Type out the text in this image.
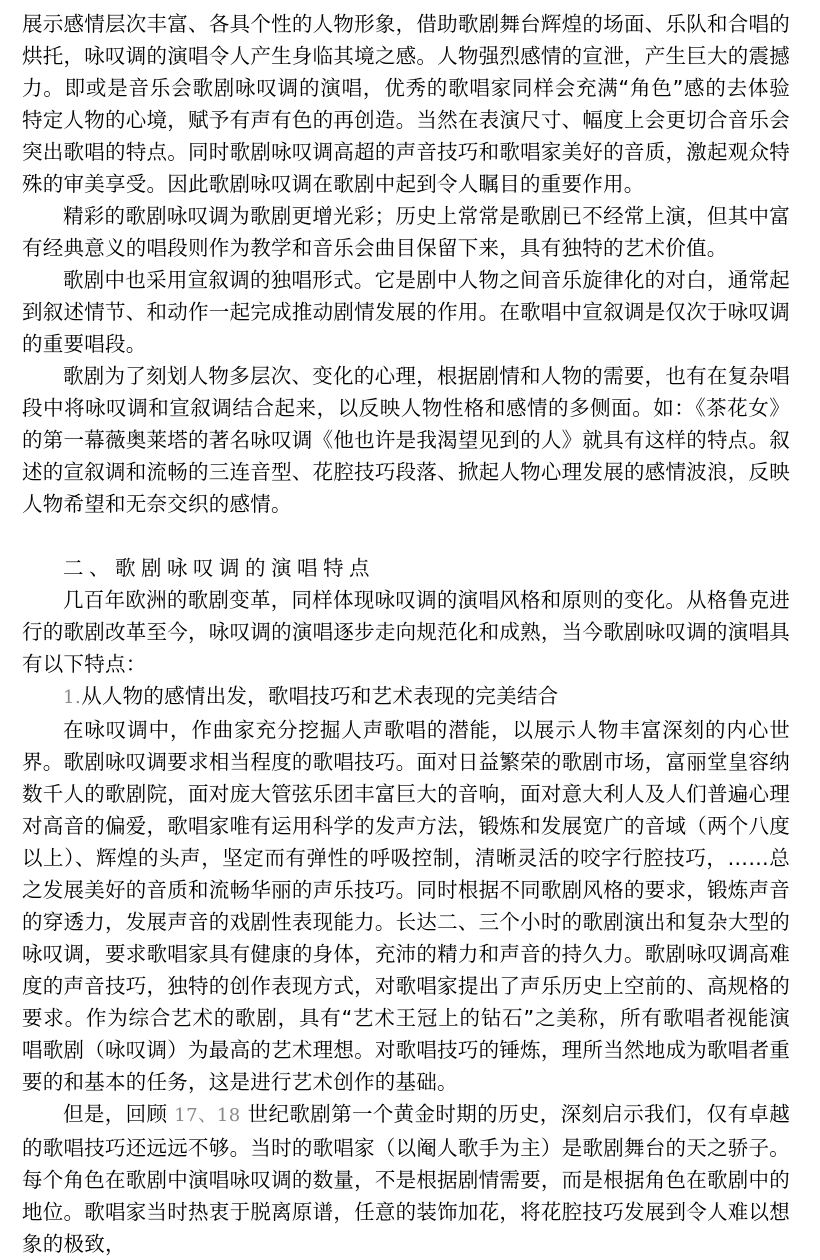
展示感情层次丰富、各具个性的人物形象，借助歌剧舞台辉煌的场面、乐队和合唱的烘托，咏叹调的演唱令人产生身临其境之感。人物强烈感情的宣泄，产生巨大的震撼力。即或是音乐会歌剧咏叹调的演唱，优秀的歌唱家同样会充满“角色”感的去体验特定人物的心境，赋予有声有色的再创造。当然在表演尺寸、幅度上会更切合音乐会突出歌唱的特点。同时歌剧咏叹调高超的声音技巧和歌唱家美好的音质，激起观众特殊的审美享受。因此歌剧咏叹调在歌剧中起到令人瞩目的重要作用。

精彩的歌剧咏叹调为歌剧更增光彩；历史上常常是歌剧已不经常上演，但其中富有经典意义的唱段则作为教学和音乐会曲目保留下来，具有独特的艺术价值。

歌剧中也采用宣叙调的独唱形式。它是剧中人物之间音乐旋律化的对白，通常起到叙述情节、和动作一起完成推动剧情发展的作用。在歌唱中宣叙调是仅次于咏叹调的重要唱段。

歌剧为了刻划人物多层次、变化的心理，根据剧情和人物的需要，也有在复杂唱段中将咏叹调和宣叙调结合起来，以反映人物性格和感情的多侧面。如：《茶花女》的第一幕薇奥莱塔的著名咏叹调《他也许是我渴望见到的人》就具有这样的特点。叙述的宣叙调和流畅的三连音型、花腔技巧段落、掀起人物心理发展的感情波浪，反映人物希望和无奈交织的感情。

二、歌剧咏叹调的演唱特点

几百年欧洲的歌剧变革，同样体现咏叹调的演唱风格和原则的变化。从格鲁克进行的歌剧改革至今，咏叹调的演唱逐步走向规范化和成熟，当今歌剧咏叹调的演唱具有以下特点：

1.从人物的感情出发，歌唱技巧和艺术表现的完美结合

在咏叹调中，作曲家充分挖掘人声歌唱的潜能，以展示人物丰富深刻的内心世界。歌剧咏叹调要求相当程度的歌唱技巧。面对日益繁荣的歌剧市场，富丽堂皇容纳数千人的歌剧院，面对庞大管弦乐团丰富巨大的音响，面对意大利人及人们普遍心理对高音的偏爱，歌唱家唯有运用科学的发声方法，锻炼和发展宽广的音域（两个八度以上）、辉煌的头声，坚定而有弹性的呼吸控制，清晰灵活的咬字行腔技巧，……总之发展美好的音质和流畅华丽的声乐技巧。同时根据不同歌剧风格的要求，锻炼声音的穿透力，发展声音的戏剧性表现能力。长达二、三个小时的歌剧演出和复杂大型的咏叹调，要求歌唱家具有健康的身体，充沛的精力和声音的持久力。歌剧咏叹调高难度的声音技巧，独特的创作表现方式，对歌唱家提出了声乐历史上空前的、高规格的要求。作为综合艺术的歌剧，具有“艺术王冠上的钻石”之美称，所有歌唱者视能演唱歌剧（咏叹调）为最高的艺术理想。对歌唱技巧的锤炼，理所当然地成为歌唱者重要的和基本的任务，这是进行艺术创作的基础。

但是，回顾 17、18 世纪歌剧第一个黄金时期的历史，深刻启示我们，仅有卓越的歌唱技巧还远远不够。当时的歌唱家（以阉人歌手为主）是歌剧舞台的天之骄子。每个角色在歌剧中演唱咏叹调的数量，不是根据剧情需要，而是根据角色在歌剧中的地位。歌唱家当时热衷于脱离原谱，任意的装饰加花，将花腔技巧发展到令人难以想象的极致，
